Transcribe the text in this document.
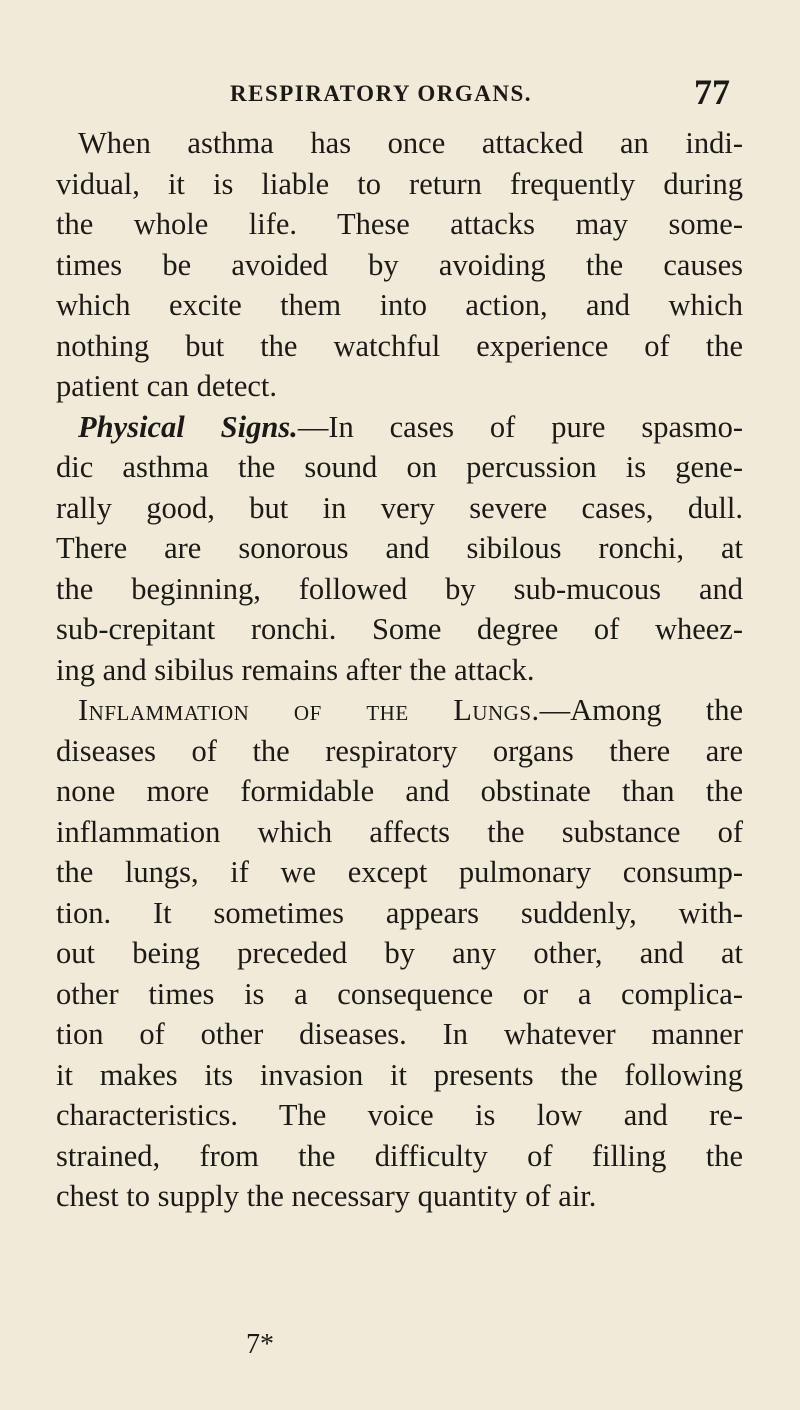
RESPIRATORY ORGANS.	77
When asthma has once attacked an indi-
vidual, it is liable to return frequently during
the whole life. These attacks may some-
times be avoided by avoiding the causes
which excite them into action, and which
nothing but the watchful experience of the
patient can detect.
Physical Signs.—In cases of pure spasmo-
dic asthma the sound on percussion is gene-
rally good, but in very severe cases, dull.
There are sonorous and sibilous ronchi, at
the beginning, followed by sub-mucous and
sub-crepitant ronchi. Some degree of wheez-
ing and sibilus remains after the attack.
Inflammation of the Lungs.—Among the
diseases of the respiratory organs there are
none more formidable and obstinate than the
inflammation which affects the substance of
the lungs, if we except pulmonary consump-
tion. It sometimes appears suddenly, with-
out being preceded by any other, and at
other times is a consequence or a complica-
tion of other diseases. In whatever manner
it makes its invasion it presents the following
characteristics. The voice is low and re-
strained, from the difficulty of filling the
chest to supply the necessary quantity of air.
7*
